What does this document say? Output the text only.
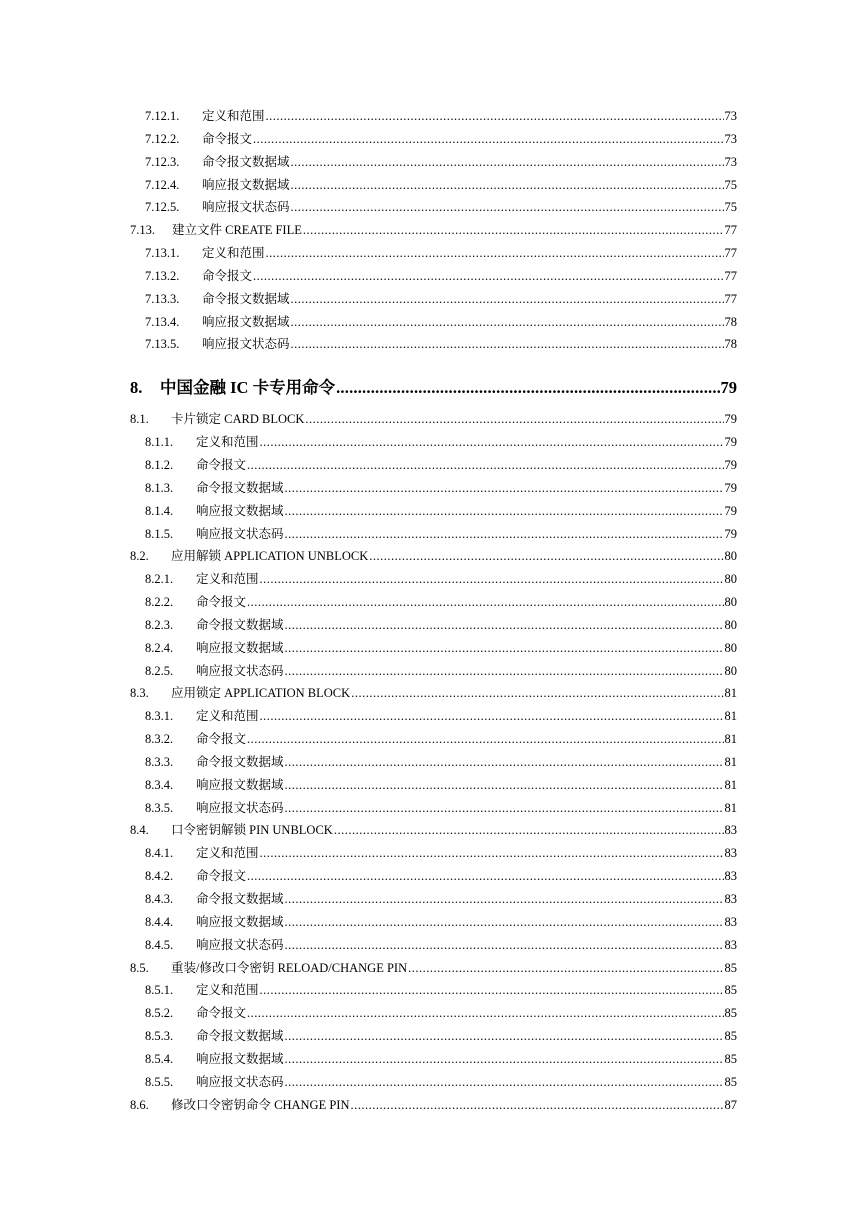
7.12.1.	定义和范围 .....	73
7.12.2.	命令报文 .....	73
7.12.3.	命令报文数据域 .....	73
7.12.4.	响应报文数据域 .....	75
7.12.5.	响应报文状态码 .....	75
7.13.	建立文件 CREATE FILE .....	77
7.13.1.	定义和范围 .....	77
7.13.2.	命令报文 .....	77
7.13.3.	命令报文数据域 .....	77
7.13.4.	响应报文数据域 .....	78
7.13.5.	响应报文状态码 .....	78
8.	中国金融 IC 卡专用命令 .....	79
8.1.	卡片锁定 CARD BLOCK .....	79
8.1.1.	定义和范围 .....	79
8.1.2.	命令报文 .....	79
8.1.3.	命令报文数据域 .....	79
8.1.4.	响应报文数据域 .....	79
8.1.5.	响应报文状态码 .....	79
8.2.	应用解锁 APPLICATION UNBLOCK .....	80
8.2.1.	定义和范围 .....	80
8.2.2.	命令报文 .....	80
8.2.3.	命令报文数据域 .....	80
8.2.4.	响应报文数据域 .....	80
8.2.5.	响应报文状态码 .....	80
8.3.	应用锁定 APPLICATION BLOCK .....	81
8.3.1.	定义和范围 .....	81
8.3.2.	命令报文 .....	81
8.3.3.	命令报文数据域 .....	81
8.3.4.	响应报文数据域 .....	81
8.3.5.	响应报文状态码 .....	81
8.4.	口令密钥解锁 PIN UNBLOCK .....	83
8.4.1.	定义和范围 .....	83
8.4.2.	命令报文 .....	83
8.4.3.	命令报文数据域 .....	83
8.4.4.	响应报文数据域 .....	83
8.4.5.	响应报文状态码 .....	83
8.5.	重装/修改口令密钥 RELOAD/CHANGE PIN .....	85
8.5.1.	定义和范围 .....	85
8.5.2.	命令报文 .....	85
8.5.3.	命令报文数据域 .....	85
8.5.4.	响应报文数据域 .....	85
8.5.5.	响应报文状态码 .....	85
8.6.	修改口令密钥命令 CHANGE PIN .....	87
